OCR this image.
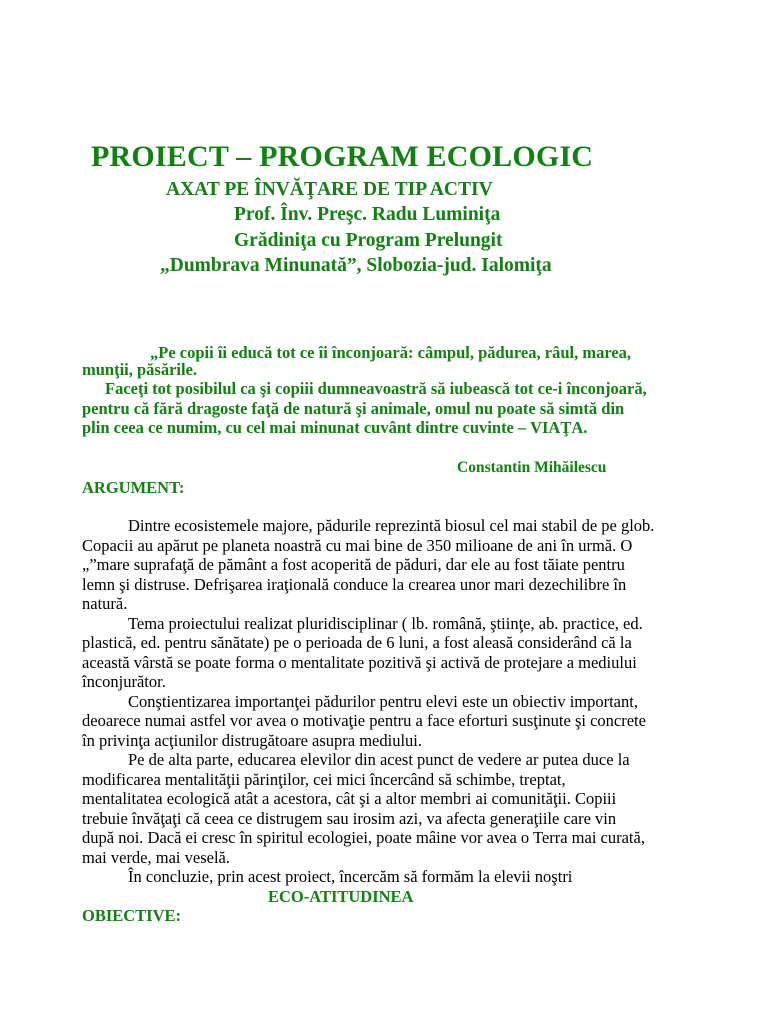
PROIECT – PROGRAM ECOLOGIC
AXAT PE ÎNVĂŢARE DE TIP ACTIV
Prof. Înv. Preşc. Radu Luminiţa
Grădiniţa cu Program Prelungit
„Dumbrava Minunată”, Slobozia-jud. Ialomiţa
„Pe copii îi educă tot ce îi înconjoară: câmpul, pădurea, râul, marea,
munţii, păsările.
Faceţi tot posibilul ca şi copiii dumneavoastră să iubească tot ce-i înconjoară,
pentru că fără dragoste faţă de natură şi animale, omul nu poate să simtă din
plin ceea ce numim, cu cel mai minunat cuvânt dintre cuvinte – VIAŢA.
Constantin Mihăilescu
ARGUMENT:
Dintre ecosistemele majore, pădurile reprezintă biosul cel mai stabil de pe glob.
Copacii au apărut pe planeta noastră cu mai bine de 350 milioane de ani în urmă. O
„”mare suprafaţă de pământ a fost acoperită de păduri, dar ele au fost tăiate pentru
lemn şi distruse. Defrişarea iraţională conduce la crearea unor mari dezechilibre în
natură.
Tema proiectului realizat pluridisciplinar ( lb. română, ştiinţe, ab. practice, ed.
plastică, ed. pentru sănătate) pe o perioada de 6 luni, a fost aleasă considerând că la
această vârstă se poate forma o mentalitate pozitivă şi activă de protejare a mediului
înconjurător.
Conştientizarea importanţei pădurilor pentru elevi este un obiectiv important,
deoarece numai astfel vor avea o motivaţie pentru a face eforturi susţinute şi concrete
în privinţa acţiunilor distrugătoare asupra mediului.
Pe de alta parte, educarea elevilor din acest punct de vedere ar putea duce la
modificarea mentalităţii părinţilor, cei mici încercând să schimbe, treptat,
mentalitatea ecologică atât a acestora, cât şi a altor membri ai comunităţii. Copiii
trebuie învăţaţi că ceea ce distrugem sau irosim azi, va afecta generaţiile care vin
după noi. Dacă ei cresc în spiritul ecologiei, poate mâine vor avea o Terra mai curată,
mai verde, mai veselă.
În concluzie, prin acest proiect, încercăm să formăm la elevii noştri
ECO-ATITUDINEA
OBIECTIVE:
